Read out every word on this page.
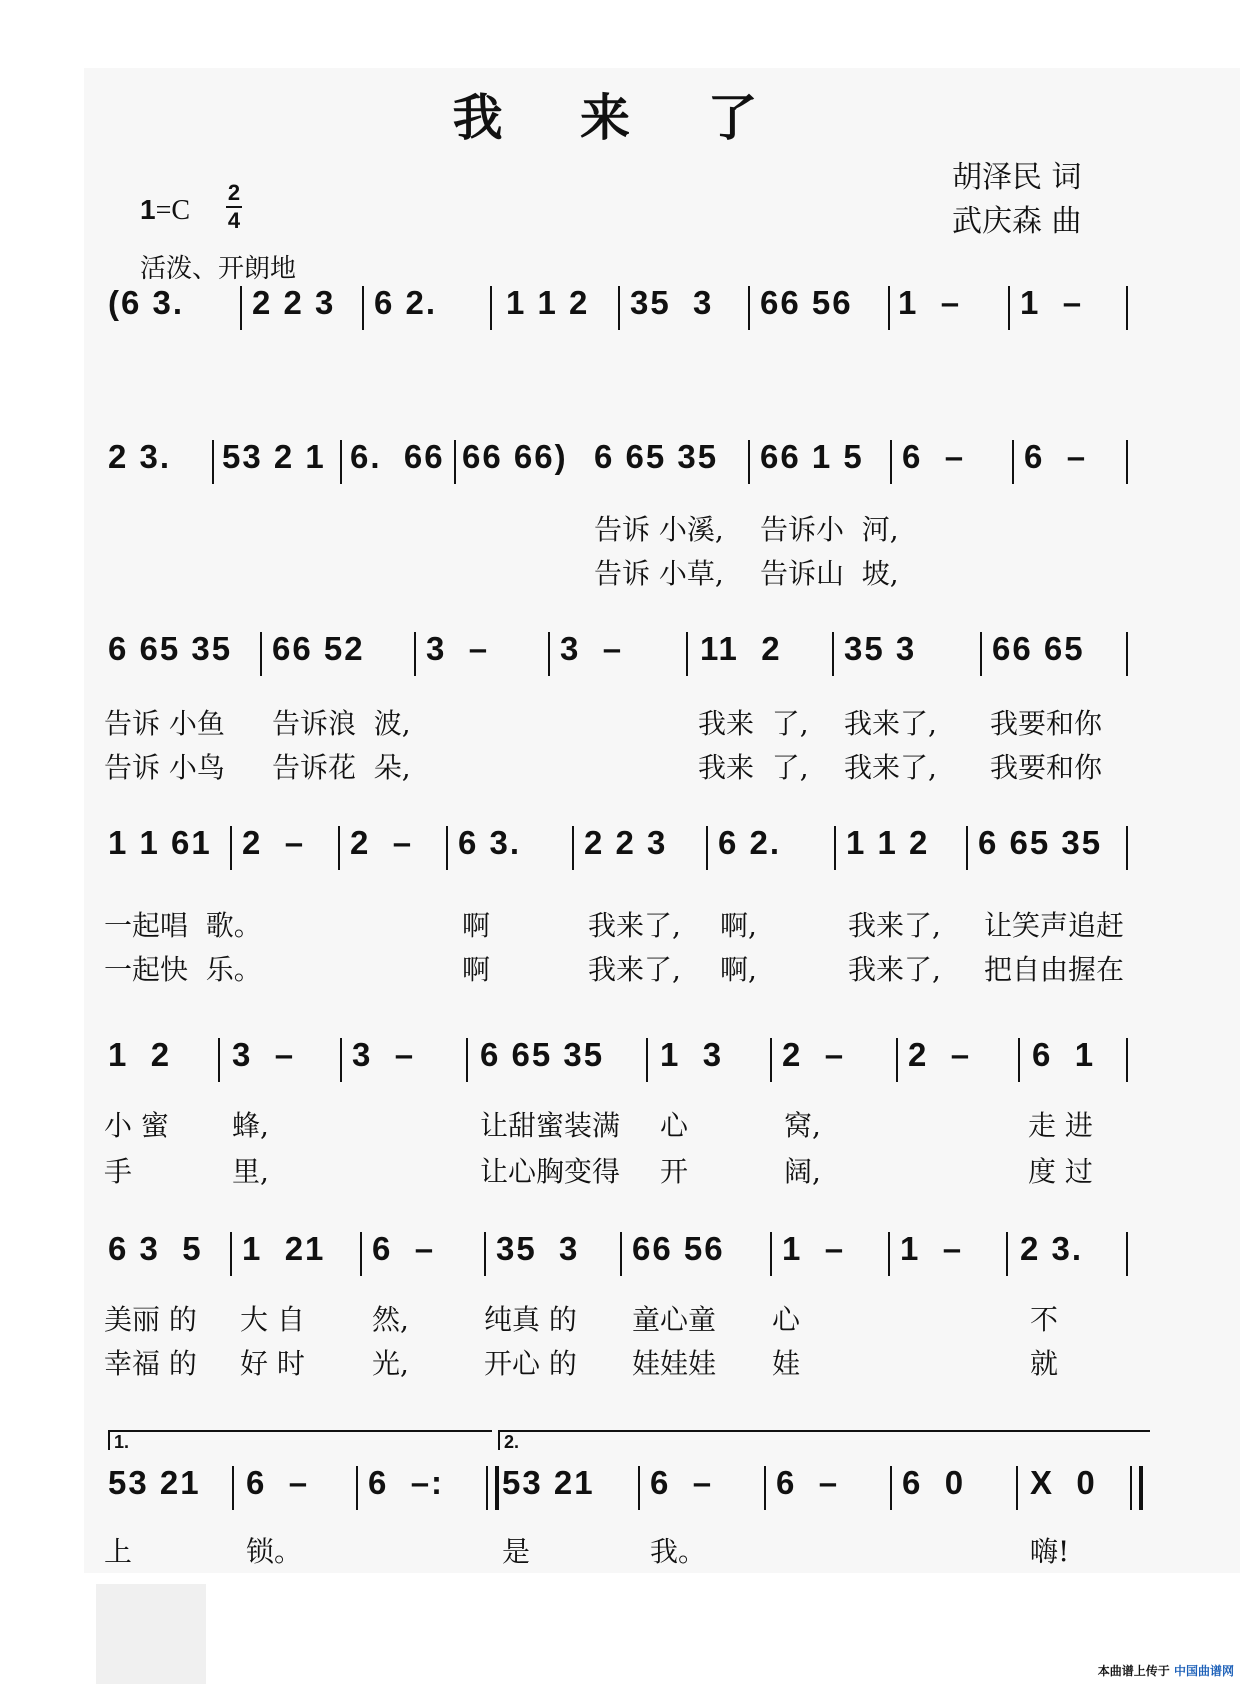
我 来 了
胡泽民 词
武庆森 曲
1=C
2
4
活泼、开朗地
(6 3. 2 2 3 6 2. 1 1 2 35  3 66 56 1  – 1  –
2 3. 53 2 1 6.  66 66 66) 6 65 35 66 1 5 6  – 6  –
告诉 小溪, 告诉小  河,
告诉 小草, 告诉山  坡,
6 65 35 66 52 3  – 3  – 11  2 35 3 66 65
告诉 小鱼 告诉浪  波,	我来  了, 我来了, 我要和你
告诉 小鸟 告诉花  朵,	我来  了, 我来了, 我要和你
1 1 61 2  – 2  – 6 3. 2 2 3 6 2. 1 1 2 6 65 35
一起唱  歌。	啊	我来了, 啊,	我来了, 让笑声追赶
一起快  乐。	啊	我来了, 啊,	我来了, 把自由握在
1  2 3  – 3  – 6 65 35 1  3 2  – 2  – 6  1
小 蜜 蜂,	让甜蜜装满 心	窝,	走 进
手	里,	让心胸变得 开	阔,	度 过
6 3  5 1  21 6  – 35  3 66 56 1  – 1  – 2 3.
美丽 的 大 自 然,	纯真 的 童心童 心	不
幸福 的 好 时 光,	开心 的 娃娃娃 娃	就
1.	2.
53 21 6  – 6  –: 53 21 6  – 6  – 6  0 X  0
上	锁。	是	我。	嗨!
本曲谱上传于 中国曲谱网
